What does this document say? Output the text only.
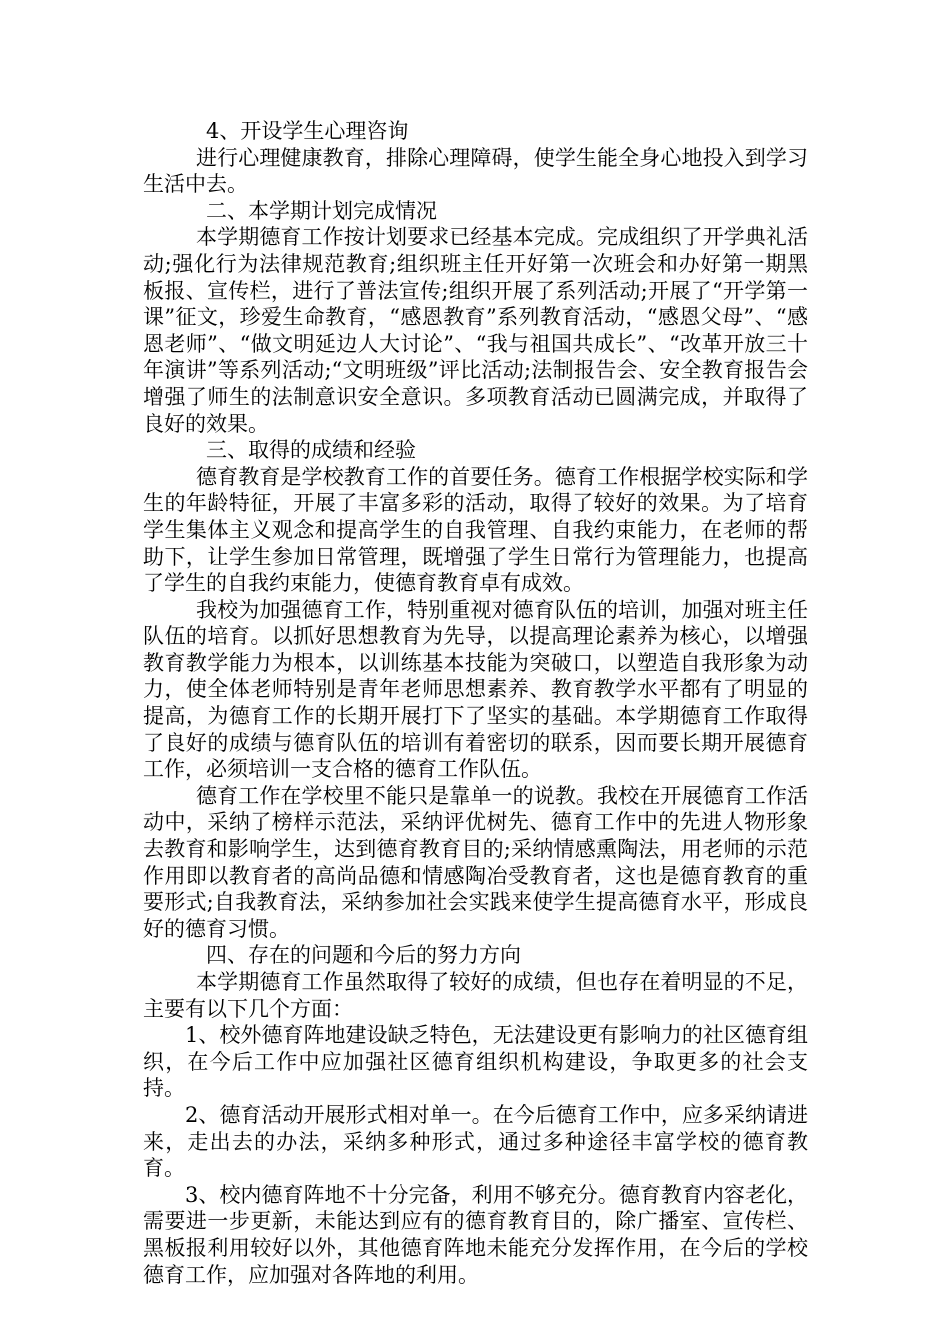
4、开设学生心理咨询

进行心理健康教育，排除心理障碍，使学生能全身心地投入到学习生活中去。

二、本学期计划完成情况

本学期德育工作按计划要求已经基本完成。完成组织了开学典礼活动;强化行为法律规范教育;组织班主任开好第一次班会和办好第一期黑板报、宣传栏，进行了普法宣传;组织开展了系列活动;开展了“开学第一课”征文，珍爱生命教育，“感恩教育”系列教育活动，“感恩父母”、“感恩老师”、“做文明延边人大讨论”、“我与祖国共成长”、“改革开放三十年演讲”等系列活动;“文明班级”评比活动;法制报告会、安全教育报告会增强了师生的法制意识安全意识。多项教育活动已圆满完成，并取得了良好的效果。

三、取得的成绩和经验

德育教育是学校教育工作的首要任务。德育工作根据学校实际和学生的年龄特征，开展了丰富多彩的活动，取得了较好的效果。为了培育学生集体主义观念和提高学生的自我管理、自我约束能力，在老师的帮助下，让学生参加日常管理，既增强了学生日常行为管理能力，也提高了学生的自我约束能力，使德育教育卓有成效。

我校为加强德育工作，特别重视对德育队伍的培训，加强对班主任队伍的培育。以抓好思想教育为先导，以提高理论素养为核心，以增强教育教学能力为根本，以训练基本技能为突破口，以塑造自我形象为动力，使全体老师特别是青年老师思想素养、教育教学水平都有了明显的提高，为德育工作的长期开展打下了坚实的基础。本学期德育工作取得了良好的成绩与德育队伍的培训有着密切的联系，因而要长期开展德育工作，必须培训一支合格的德育工作队伍。

德育工作在学校里不能只是靠单一的说教。我校在开展德育工作活动中，采纳了榜样示范法，采纳评优树先、德育工作中的先进人物形象去教育和影响学生，达到德育教育目的;采纳情感熏陶法，用老师的示范作用即以教育者的高尚品德和情感陶冶受教育者，这也是德育教育的重要形式;自我教育法，采纳参加社会实践来使学生提高德育水平，形成良好的德育习惯。

四、存在的问题和今后的努力方向

本学期德育工作虽然取得了较好的成绩，但也存在着明显的不足，主要有以下几个方面：

1、校外德育阵地建设缺乏特色，无法建设更有影响力的社区德育组织，在今后工作中应加强社区德育组织机构建设，争取更多的社会支持。

2、德育活动开展形式相对单一。在今后德育工作中，应多采纳请进来，走出去的办法，采纳多种形式，通过多种途径丰富学校的德育教育。

3、校内德育阵地不十分完备，利用不够充分。德育教育内容老化，需要进一步更新，未能达到应有的德育教育目的，除广播室、宣传栏、黑板报利用较好以外，其他德育阵地未能充分发挥作用，在今后的学校德育工作，应加强对各阵地的利用。
